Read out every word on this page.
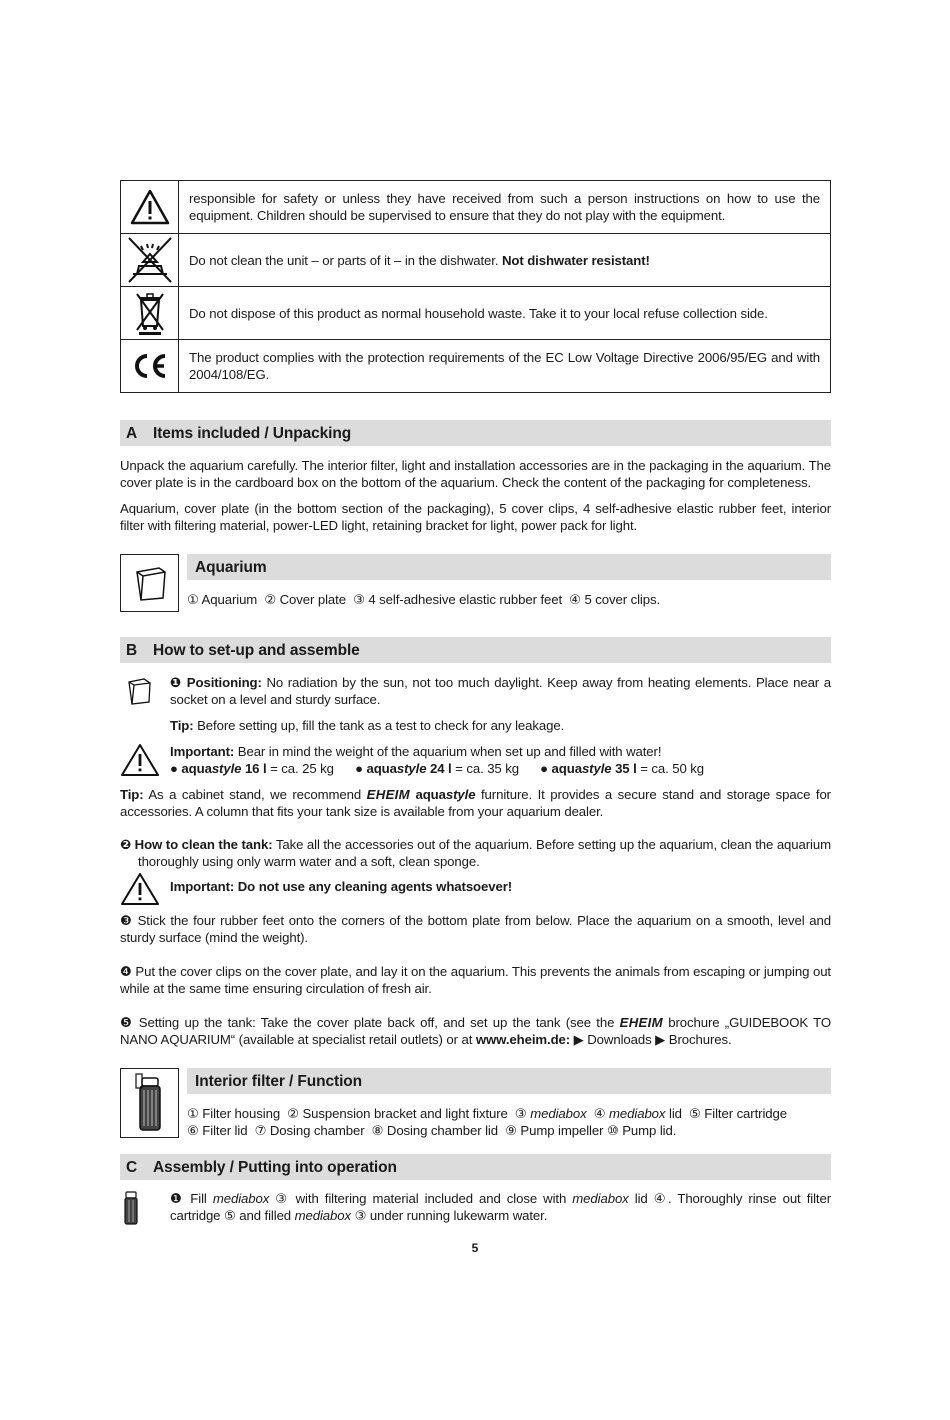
	responsible for safety or unless they have received from such a person instructions on how to use the equipment. Children should be supervised to ensure that they do not play with the equipment.

	Do not clean the unit – or parts of it – in the dishwater. Not dishwater resistant!

	Do not dispose of this product as normal household waste. Take it to your local refuse collection side.

	The product complies with the protection requirements of the EC Low Voltage Directive 2006/95/EG and with 2004/108/EG.
A	Items included / Unpacking

Unpack the aquarium carefully. The interior filter, light and installation accessories are in the packaging in the aquarium. The cover plate is in the cardboard box on the bottom of the aquarium. Check the content of the packaging for completeness.

Aquarium, cover plate (in the bottom section of the packaging), 5 cover clips, 4 self-adhesive elastic rubber feet, interior filter with filtering material, power-LED light, retaining bracket for light, power pack for light.

Aquarium

① Aquarium  ② Cover plate  ③ 4 self-adhesive elastic rubber feet  ④ 5 cover clips.

B	How to set-up and assemble

❶ Positioning: No radiation by the sun, not too much daylight. Keep away from heating elements. Place near a socket on a level and sturdy surface.

Tip: Before setting up, fill the tank as a test to check for any leakage.

Important: Bear in mind the weight of the aquarium when set up and filled with water!

● aquastyle 16 l = ca. 25 kg ● aquastyle 24 l = ca. 35 kg ● aquastyle 35 l = ca. 50 kg

Tip: As a cabinet stand, we recommend EHEIM aquastyle furniture. It provides a secure stand and storage space for accessories. A column that fits your tank size is available from your aquarium dealer.

❷ How to clean the tank: Take all the accessories out of the aquarium. Before setting up the aquarium, clean the aquarium thoroughly using only warm water and a soft, clean sponge.

Important: Do not use any cleaning agents whatsoever!

❸ Stick the four rubber feet onto the corners of the bottom plate from below. Place the aquarium on a smooth, level and sturdy surface (mind the weight).

❹ Put the cover clips on the cover plate, and lay it on the aquarium. This prevents the animals from escaping or jumping out while at the same time ensuring circulation of fresh air.

❺ Setting up the tank: Take the cover plate back off, and set up the tank (see the EHEIM brochure „GUIDEBOOK TO NANO AQUARIUM“ (available at specialist retail outlets) or at www.eheim.de: ▶ Downloads ▶ Brochures.

Interior filter / Function

① Filter housing  ② Suspension bracket and light fixture  ③ mediabox  ④ mediabox lid  ⑤ Filter cartridge

⑥ Filter lid  ⑦ Dosing chamber  ⑧ Dosing chamber lid  ⑨ Pump impeller ⑩ Pump lid.

C	Assembly / Putting into operation

❶ Fill mediabox ③ with filtering material included and close with mediabox lid ④. Thoroughly rinse out filter cartridge ⑤ and filled mediabox ③ under running lukewarm water.

5
